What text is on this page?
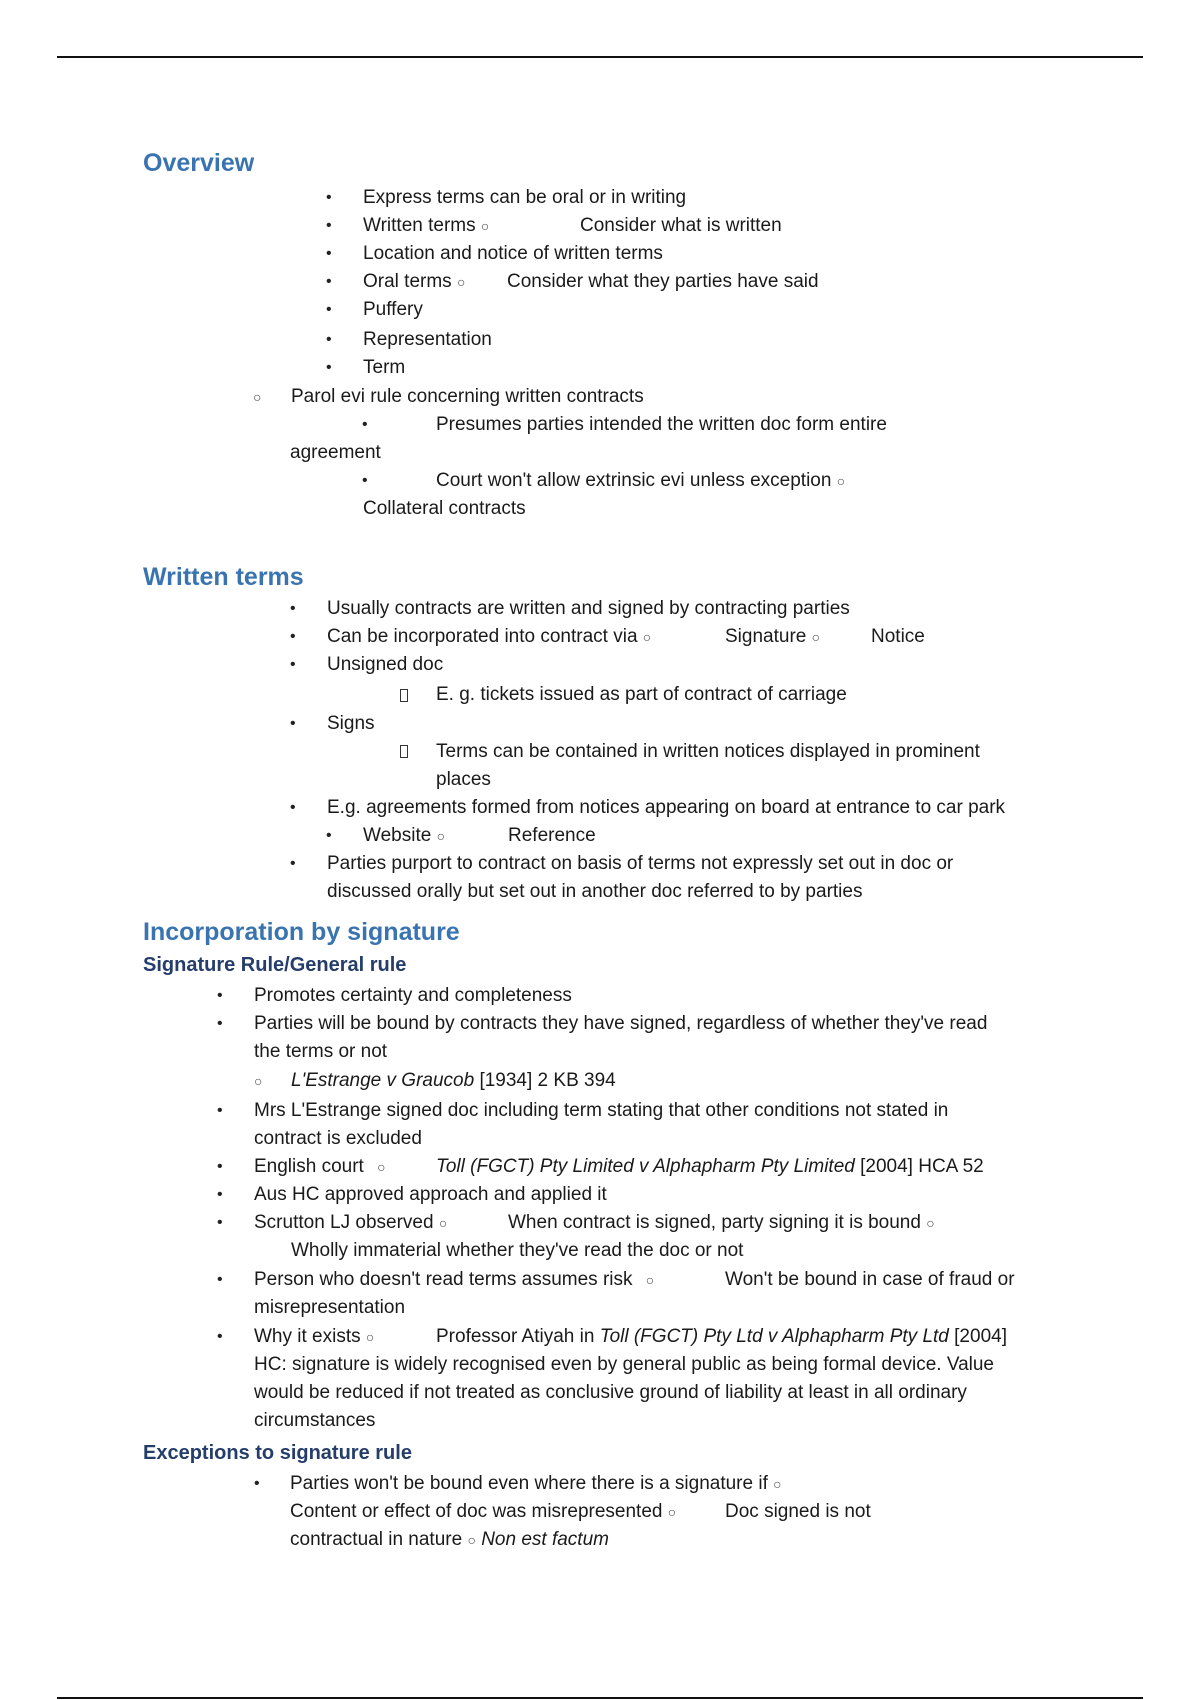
Overview
• Express terms can be oral or in writing
• Written terms ○	Consider what is written
• Location and notice of written terms
• Oral terms ○ Consider what they parties have said
• Puffery
• Representation
• Term
○ Parol evi rule concerning written contracts
•	Presumes parties intended the written doc form entire
agreement
•	Court won't allow extrinsic evi unless exception ○
Collateral contracts
Written terms
• Usually contracts are written and signed by contracting parties
• Can be incorporated into contract via ○	Signature ○	Notice
• Unsigned doc
E. g. tickets issued as part of contract of carriage
• Signs
Terms can be contained in written notices displayed in prominent
places
• E.g. agreements formed from notices appearing on board at entrance to car park
• Website ○	Reference
• Parties purport to contract on basis of terms not expressly set out in doc or
discussed orally but set out in another doc referred to by parties
Incorporation by signature
Signature Rule/General rule
• Promotes certainty and completeness
• Parties will be bound by contracts they have signed, regardless of whether they've read
the terms or not
○ L'Estrange v Graucob [1934] 2 KB 394
• Mrs L'Estrange signed doc including term stating that other conditions not stated in
contract is excluded
• English court ○	Toll (FGCT) Pty Limited v Alphapharm Pty Limited [2004] HCA 52
• Aus HC approved approach and applied it
• Scrutton LJ observed ○	When contract is signed, party signing it is bound ○
Wholly immaterial whether they've read the doc or not
• Person who doesn't read terms assumes risk ○	Won't be bound in case of fraud or
misrepresentation
• Why it exists ○	Professor Atiyah in Toll (FGCT) Pty Ltd v Alphapharm Pty Ltd [2004]
HC: signature is widely recognised even by general public as being formal device. Value
would be reduced if not treated as conclusive ground of liability at least in all ordinary
circumstances
Exceptions to signature rule
• Parties won't be bound even where there is a signature if ○
Content or effect of doc was misrepresented ○	Doc signed is not
contractual in nature ○ Non est factum
